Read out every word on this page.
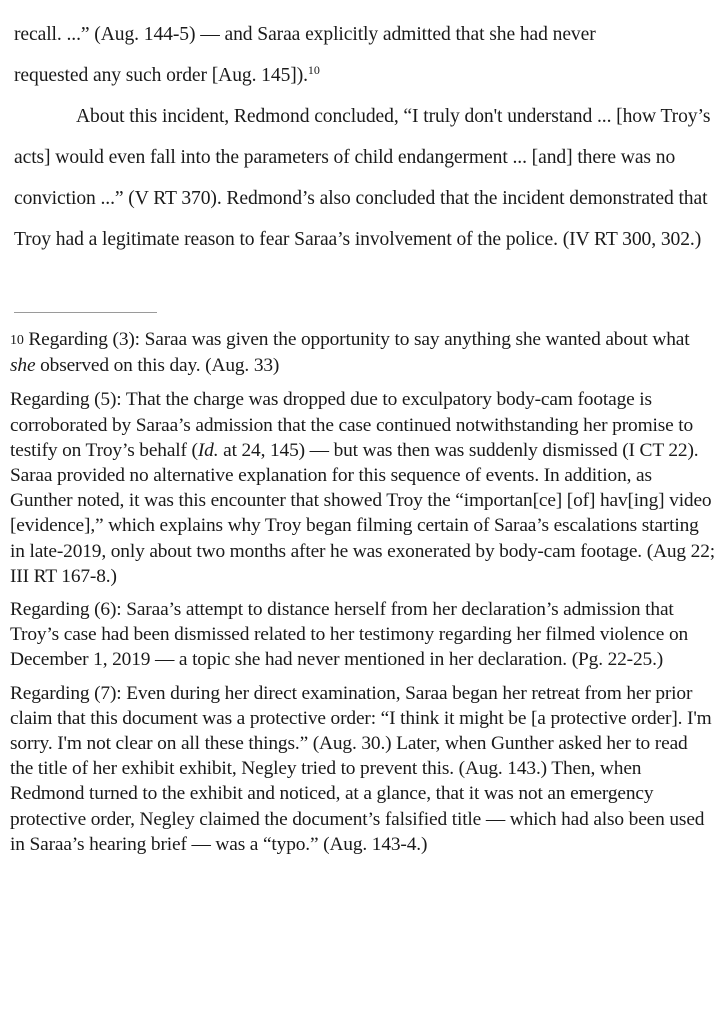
recall. ...” (Aug. 144-5) — and Saraa explicitly admitted that she had never
requested any such order [Aug. 145]).$^{10}$

About this incident, Redmond concluded, “I truly don't understand ... [how Troy’s acts] would even fall into the parameters of child endangerment ... [and] there was no conviction ...” (V RT 370). Redmond’s also concluded that the incident demonstrated that Troy had a legitimate reason to fear Saraa’s involvement of the police. (IV RT 300, 302.)

10 Regarding (3): Saraa was given the opportunity to say anything she wanted about what she observed on this day. (Aug. 33)

Regarding (5): That the charge was dropped due to exculpatory body-cam footage is corroborated by Saraa’s admission that the case continued notwithstanding her promise to testify on Troy’s behalf (Id. at 24, 145) — but was then was suddenly dismissed (I CT 22). Saraa provided no alternative explanation for this sequence of events. In addition, as Gunther noted, it was this encounter that showed Troy the “importan[ce] [of] hav[ing] video [evidence],” which explains why Troy began filming certain of Saraa’s escalations starting in late-2019, only about two months after he was exonerated by body-cam footage. (Aug 22; III RT 167-8.)

Regarding (6): Saraa’s attempt to distance herself from her declaration’s admission that Troy’s case had been dismissed related to her testimony regarding her filmed violence on December 1, 2019 — a topic she had never mentioned in her declaration. (Pg. 22-25.)

Regarding (7): Even during her direct examination, Saraa began her retreat from her prior claim that this document was a protective order: “I think it might be [a protective order]. I'm sorry. I'm not clear on all these things.” (Aug. 30.) Later, when Gunther asked her to read the title of her exhibit exhibit, Negley tried to prevent this. (Aug. 143.) Then, when Redmond turned to the exhibit and noticed, at a glance, that it was not an emergency protective order, Negley claimed the document’s falsified title — which had also been used in Saraa’s hearing brief — was a “typo.” (Aug. 143-4.)
